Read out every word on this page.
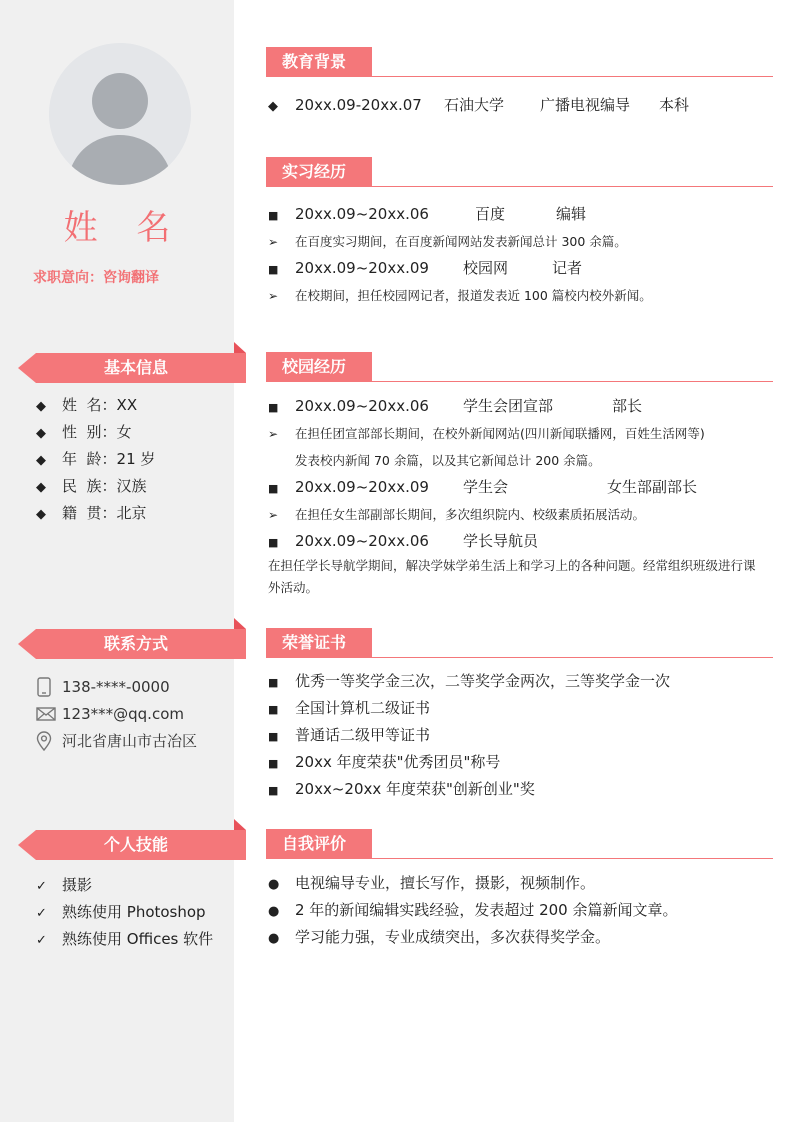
姓 名
求职意向：咨询翻译
基本信息
◆ 姓  名：XX
◆ 性  别：女
◆ 年  龄：21 岁
◆ 民  族：汉族
◆ 籍  贯：北京
联系方式
138-****-0000
123***@qq.com
河北省唐山市古冶区
个人技能
✓ 摄影
✓ 熟练使用 Photoshop
✓ 熟练使用 Offices 软件
教育背景
◆ 20xx.09-20xx.07 石油大学 广播电视编导 本科
实习经历
■ 20xx.09~20xx.06	百度	编辑
➢ 在百度实习期间，在百度新闻网站发表新闻总计 300 余篇。
■ 20xx.09~20xx.09 校园网	记者
➢ 在校期间，担任校园网记者，报道发表近 100 篇校内校外新闻。
校园经历
■ 20xx.09~20xx.06 学生会团宣部	部长
➢ 在担任团宣部部长期间，在校外新闻网站(四川新闻联播网，百姓生活网等)
发表校内新闻 70 余篇，以及其它新闻总计 200 余篇。
■ 20xx.09~20xx.09 学生会	女生部副部长
➢ 在担任女生部副部长期间，多次组织院内、校级素质拓展活动。
■ 20xx.09~20xx.06 学长导航员
在担任学长导航学期间，解决学妹学弟生活上和学习上的各种问题。经常组织班级进行课外活动。
荣誉证书
■ 优秀一等奖学金三次，二等奖学金两次，三等奖学金一次
■ 全国计算机二级证书
■ 普通话二级甲等证书
■ 20xx 年度荣获"优秀团员"称号
■ 20xx~20xx 年度荣获"创新创业"奖
自我评价
● 电视编导专业，擅长写作，摄影，视频制作。
● 2 年的新闻编辑实践经验，发表超过 200 余篇新闻文章。
● 学习能力强，专业成绩突出，多次获得奖学金。
